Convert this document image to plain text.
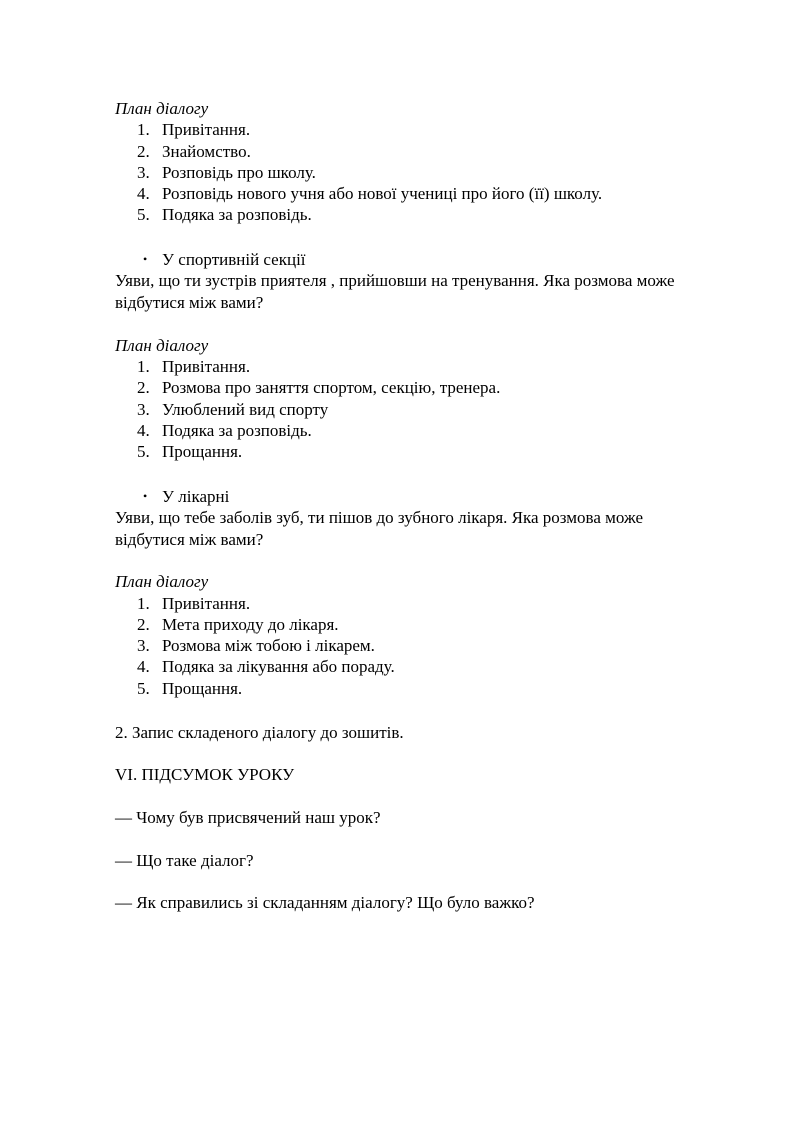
План діалогу
1. Привітання.
2. Знайомство.
3. Розповідь про школу.
4. Розповідь нового учня або нової учениці про його (її) школу.
5. Подяка за розповідь.
• У спортивній секції
Уяви, що ти зустрів приятеля , прийшовши на тренування. Яка розмова може
відбутися між вами?
План діалогу
1. Привітання.
2. Розмова про заняття спортом, секцію, тренера.
3. Улюблений вид спорту
4. Подяка за розповідь.
5. Прощання.
• У лікарні
Уяви, що тебе заболів зуб, ти пішов до зубного лікаря. Яка розмова може
відбутися між вами?
План діалогу
1. Привітання.
2. Мета приходу до лікаря.
3. Розмова між тобою і лікарем.
4. Подяка за лікування або пораду.
5. Прощання.
2. Запис складеного діалогу до зошитів.
VI. ПІДСУМОК УРОКУ
— Чому був присвячений наш урок?
— Що таке діалог?
— Як справились зі складанням діалогу? Що було важко?
